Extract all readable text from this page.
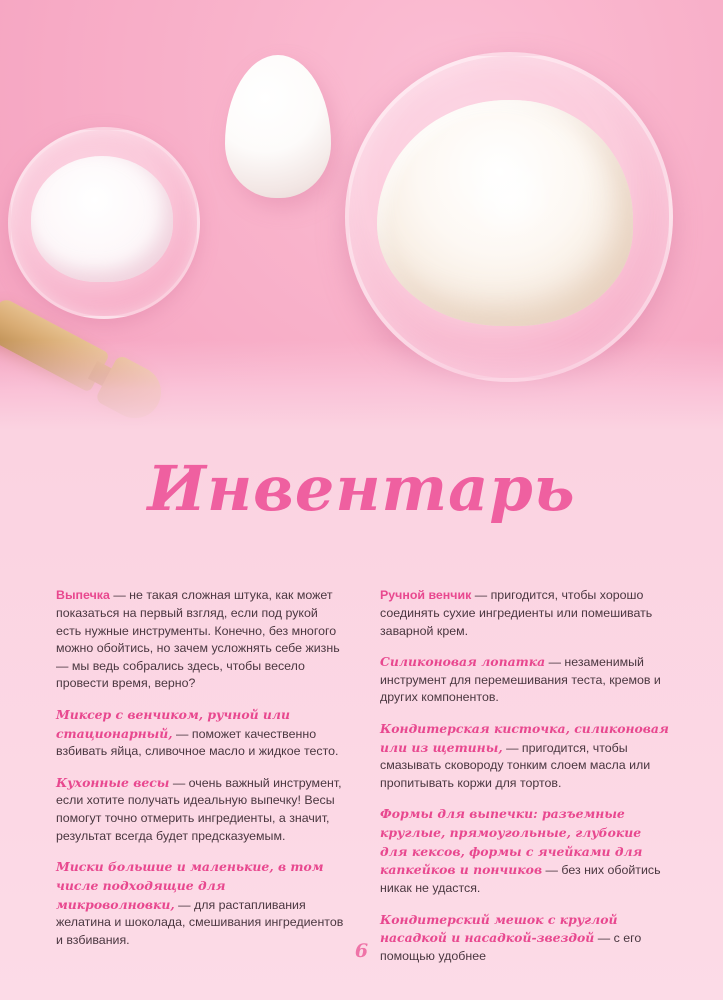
Инвентарь

Выпечка — не такая сложная штука, как может показаться на первый взгляд, если под рукой есть нужные инструменты. Конечно, без многого можно обойтись, но зачем усложнять себе жизнь — мы ведь собрались здесь, чтобы весело провести время, верно?

Миксер с венчиком, ручной или стационарный, — поможет качественно взбивать яйца, сливочное масло и жидкое тесто.

Кухонные весы — очень важный инструмент, если хотите получать идеальную выпечку! Весы помогут точно отмерить ингредиенты, а значит, результат всегда будет предсказуемым.

Миски большие и маленькие, в том числе подходящие для микроволновки, — для растапливания желатина и шоколада, смешивания ингредиентов и взбивания.

Ручной венчик — пригодится, чтобы хорошо соединять сухие ингредиенты или помешивать заварной крем.

Силиконовая лопатка — незаменимый инструмент для перемешивания теста, кремов и других компонентов.

Кондитерская кисточка, силиконовая или из щетины, — пригодится, чтобы смазывать сковороду тонким слоем масла или пропитывать коржи для тортов.

Формы для выпечки: разъемные круглые, прямоугольные, глубокие для кексов, формы с ячейками для капкейков и пончиков — без них обойтись никак не удастся.

Кондитерский мешок с круглой насадкой и насадкой-звездой — с его помощью удобнее

6
